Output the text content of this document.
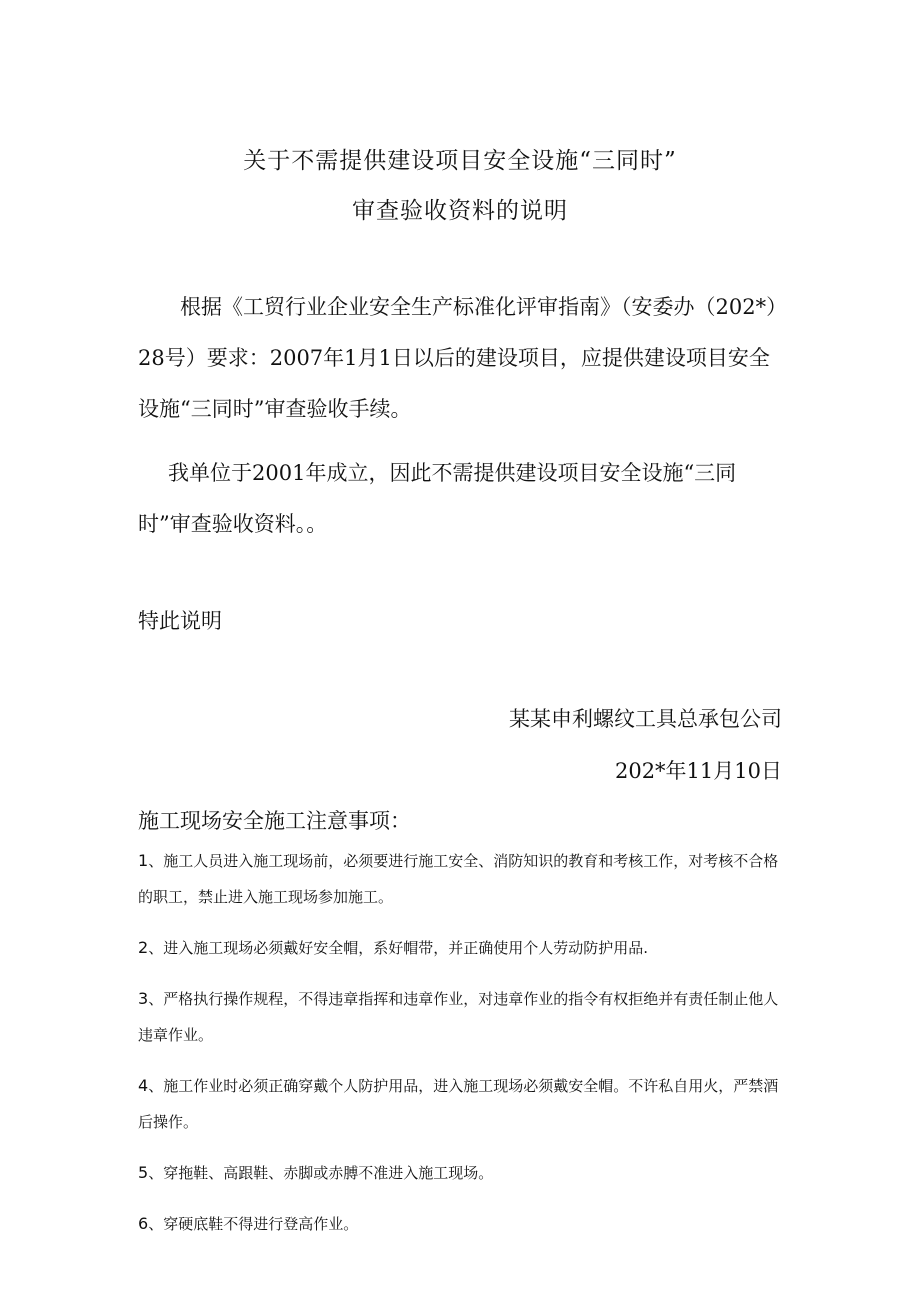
关于不需提供建设项目安全设施“三同时”
审查验收资料的说明
根据《工贸行业企业安全生产标准化评审指南》（安委办（202*）28号）要求：2007年1月1日以后的建设项目，应提供建设项目安全设施“三同时”审查验收手续。
我单位于2001年成立，因此不需提供建设项目安全设施“三同时”审查验收资料。。
特此说明
某某申利螺纹工具总承包公司
202*年11月10日
施工现场安全施工注意事项：
1、施工人员进入施工现场前，必须要进行施工安全、消防知识的教育和考核工作，对考核不合格的职工，禁止进入施工现场参加施工。
2、进入施工现场必须戴好安全帽，系好帽带，并正确使用个人劳动防护用品.
3、严格执行操作规程，不得违章指挥和违章作业，对违章作业的指令有权拒绝并有责任制止他人违章作业。
4、施工作业时必须正确穿戴个人防护用品，进入施工现场必须戴安全帽。不许私自用火，严禁酒后操作。
5、穿拖鞋、高跟鞋、赤脚或赤膊不准进入施工现场。
6、穿硬底鞋不得进行登高作业。
